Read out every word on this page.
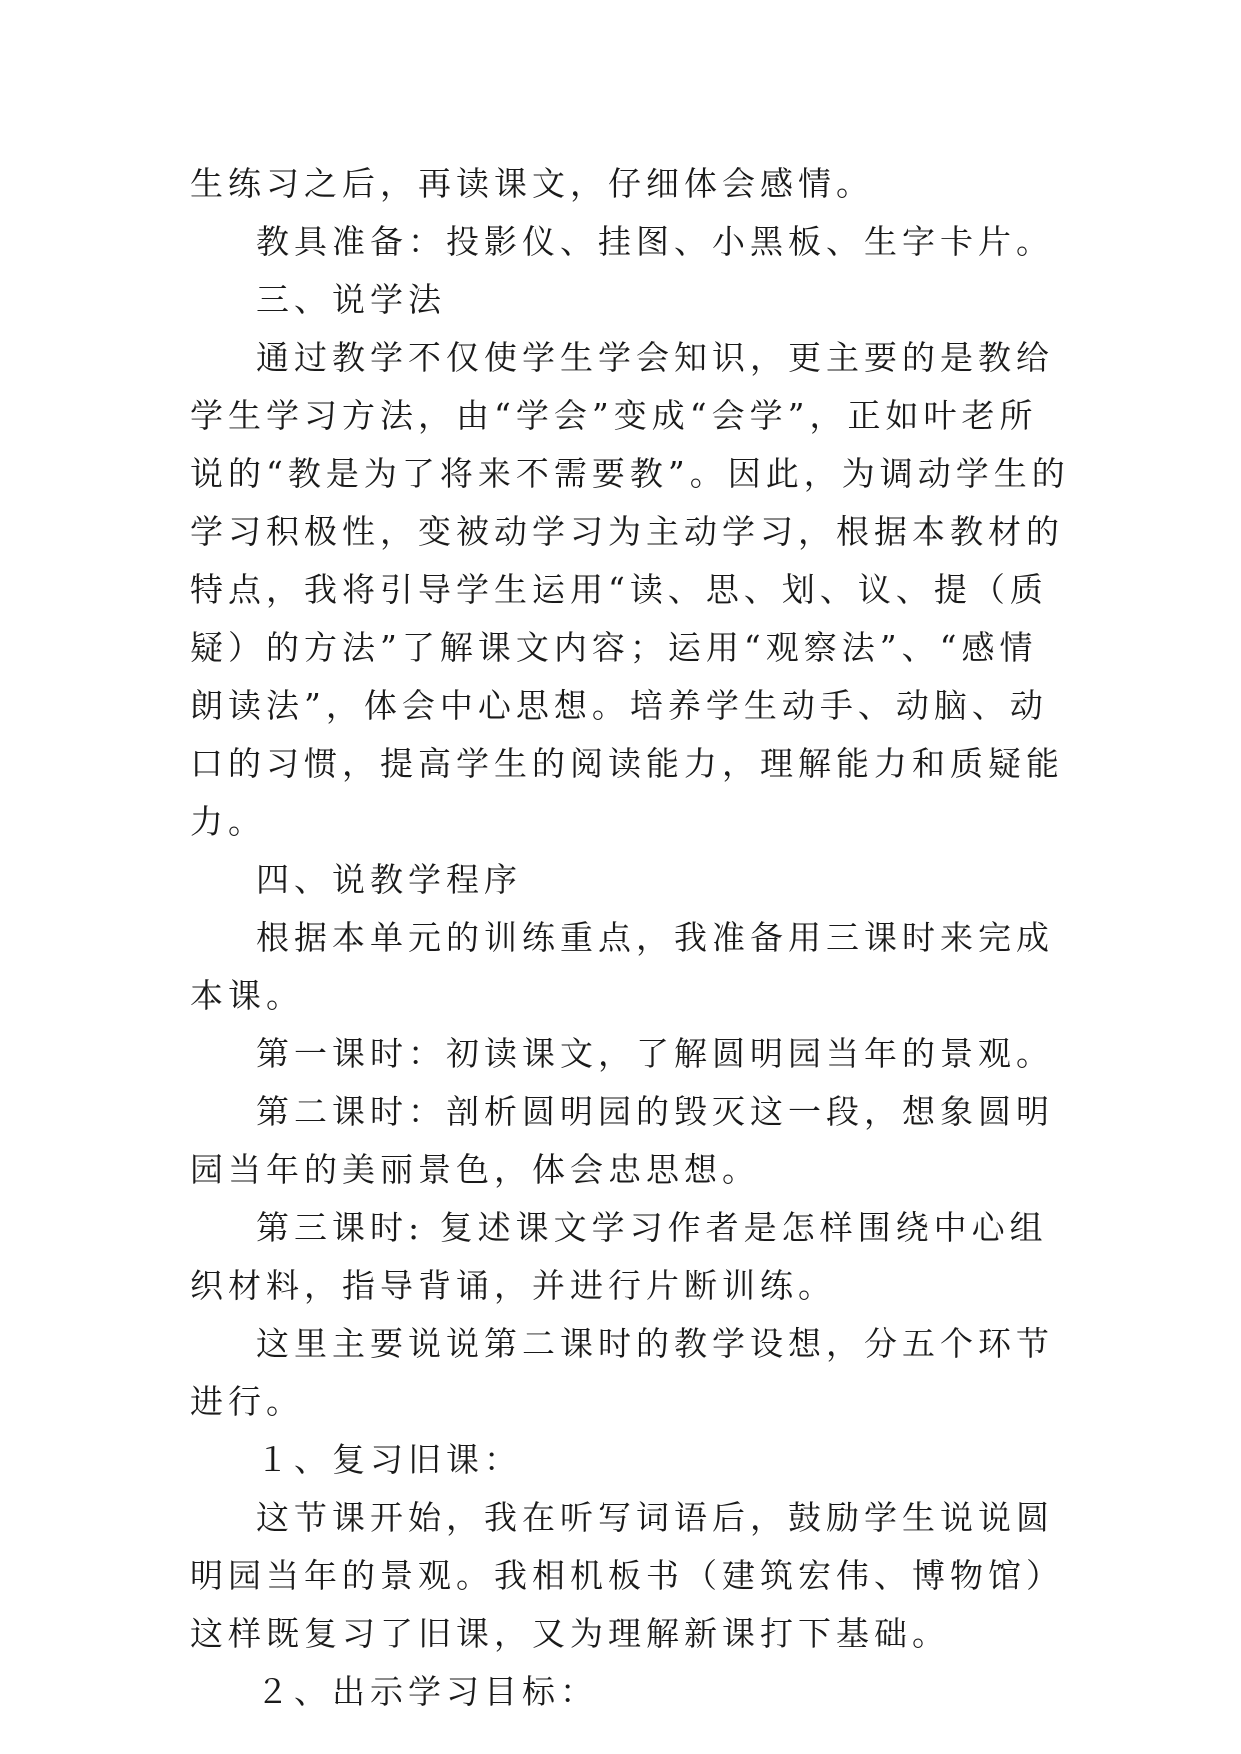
生练习之后，再读课文，仔细体会感情。

教具准备：投影仪、挂图、小黑板、生字卡片。

三、说学法

通过教学不仅使学生学会知识，更主要的是教给学生学习方法，由“学会”变成“会学”，正如叶老所说的“教是为了将来不需要教”。因此，为调动学生的学习积极性，变被动学习为主动学习，根据本教材的特点，我将引导学生运用“读、思、划、议、提（质疑）的方法”了解课文内容；运用“观察法”、“感情朗读法”，体会中心思想。培养学生动手、动脑、动口的习惯，提高学生的阅读能力，理解能力和质疑能力。

四、说教学程序

根据本单元的训练重点，我准备用三课时来完成本课。

第一课时：初读课文，了解圆明园当年的景观。

第二课时：剖析圆明园的毁灭这一段，想象圆明园当年的美丽景色，体会忠思想。

第三课时: 复述课文学习作者是怎样围绕中心组织材料，指导背诵，并进行片断训练。

这里主要说说第二课时的教学设想，分五个环节进行。

１、复习旧课：

这节课开始，我在听写词语后，鼓励学生说说圆明园当年的景观。我相机板书（建筑宏伟、博物馆）这样既复习了旧课，又为理解新课打下基础。

２、出示学习目标：
